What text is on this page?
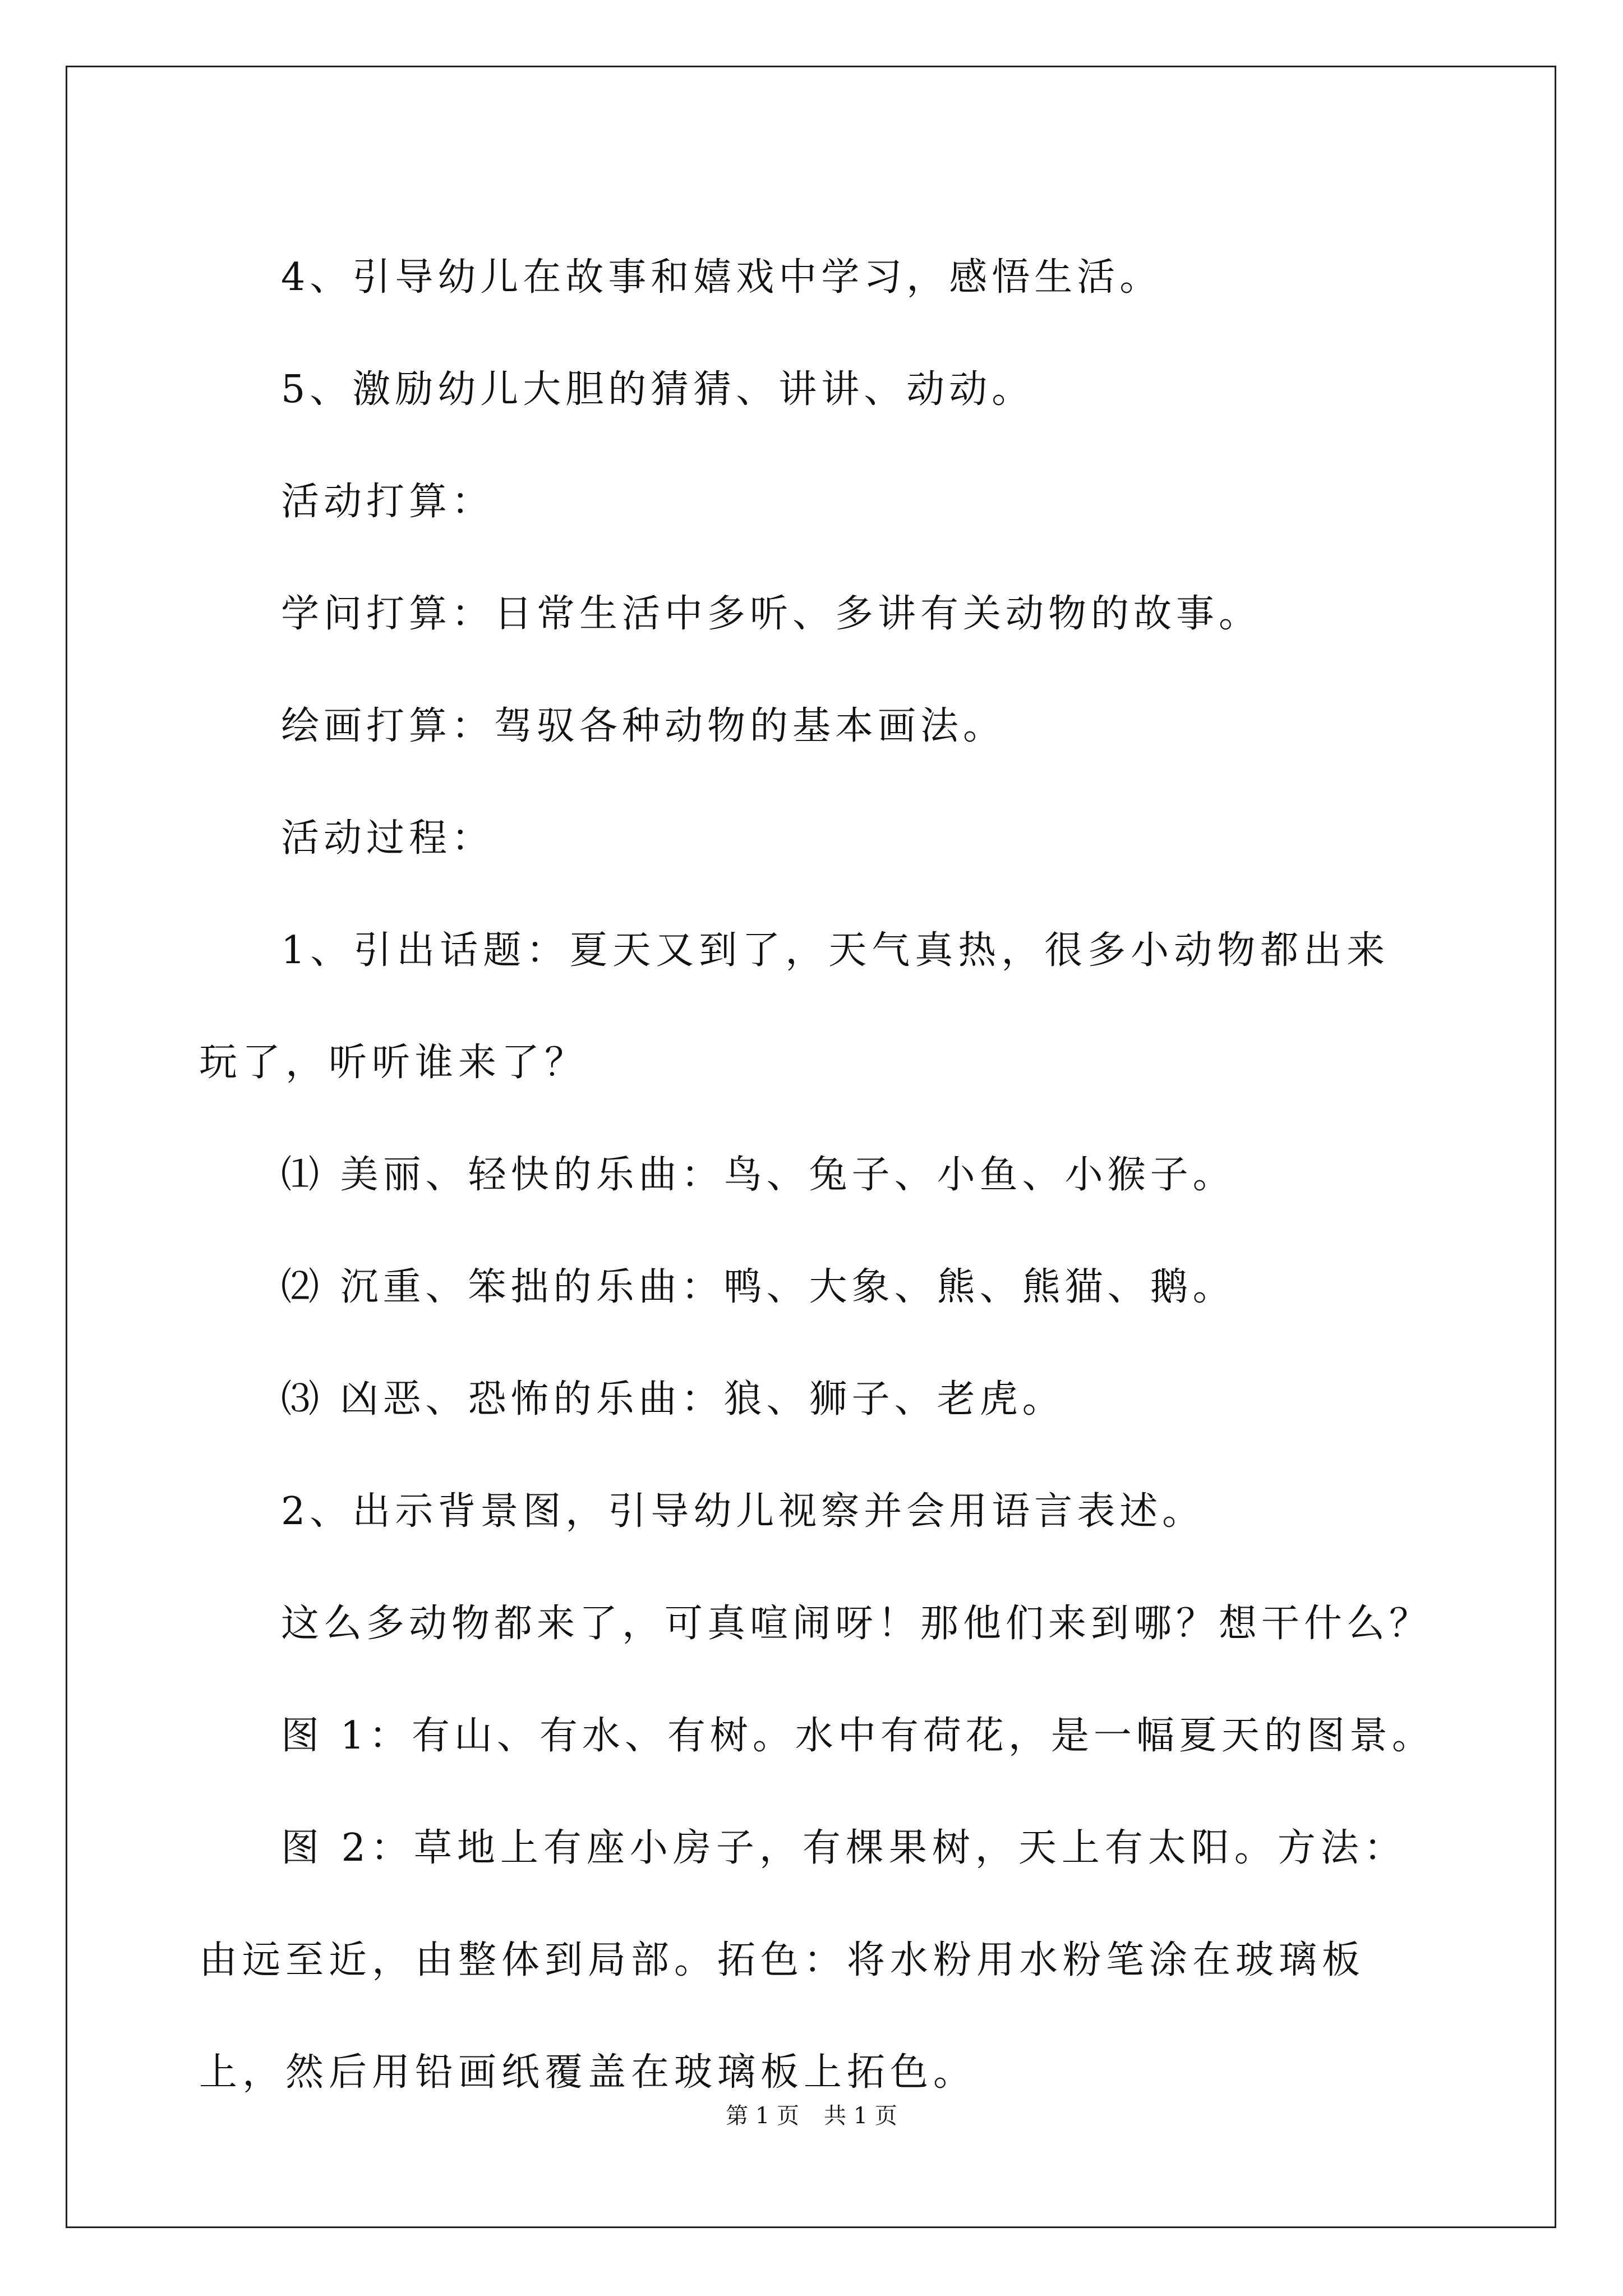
4、引导幼儿在故事和嬉戏中学习，感悟生活。

5、激励幼儿大胆的猜猜、讲讲、动动。

活动打算：

学问打算：日常生活中多听、多讲有关动物的故事。

绘画打算：驾驭各种动物的基本画法。

活动过程：

1、引出话题：夏天又到了，天气真热，很多小动物都出来玩了，听听谁来了？

⑴ 美丽、轻快的乐曲：鸟、兔子、小鱼、小猴子。

⑵ 沉重、笨拙的乐曲：鸭、大象、熊、熊猫、鹅。

⑶ 凶恶、恐怖的乐曲：狼、狮子、老虎。

2、出示背景图，引导幼儿视察并会用语言表述。

这么多动物都来了，可真喧闹呀！那他们来到哪？想干什么？

图 1：有山、有水、有树。水中有荷花，是一幅夏天的图景。

图 2：草地上有座小房子，有棵果树，天上有太阳。方法：由远至近，由整体到局部。拓色：将水粉用水粉笔涂在玻璃板上，然后用铅画纸覆盖在玻璃板上拓色。

第 1 页 共 1 页
